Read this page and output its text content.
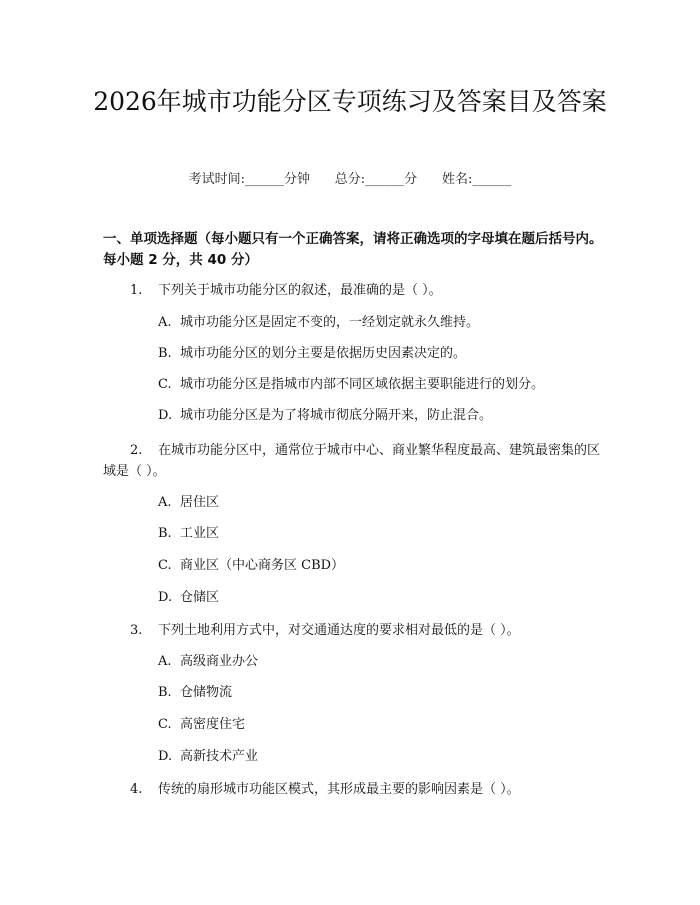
2026年城市功能分区专项练习及答案目及答案
考试时间:______分钟      总分:______分      姓名:______
一、单项选择题（每小题只有一个正确答案，请将正确选项的字母填在题后括号内。每小题 2 分，共 40 分）
1. 下列关于城市功能分区的叙述，最准确的是（ ）。
A. 城市功能分区是固定不变的，一经划定就永久维持。
B. 城市功能分区的划分主要是依据历史因素决定的。
C. 城市功能分区是指城市内部不同区域依据主要职能进行的划分。
D. 城市功能分区是为了将城市彻底分隔开来，防止混合。
2. 在城市功能分区中，通常位于城市中心、商业繁华程度最高、建筑最密集的区域是（ ）。
A. 居住区
B. 工业区
C. 商业区（中心商务区 CBD）
D. 仓储区
3. 下列土地利用方式中，对交通通达度的要求相对最低的是（ ）。
A. 高级商业办公
B. 仓储物流
C. 高密度住宅
D. 高新技术产业
4. 传统的扇形城市功能区模式，其形成最主要的影响因素是（ ）。
